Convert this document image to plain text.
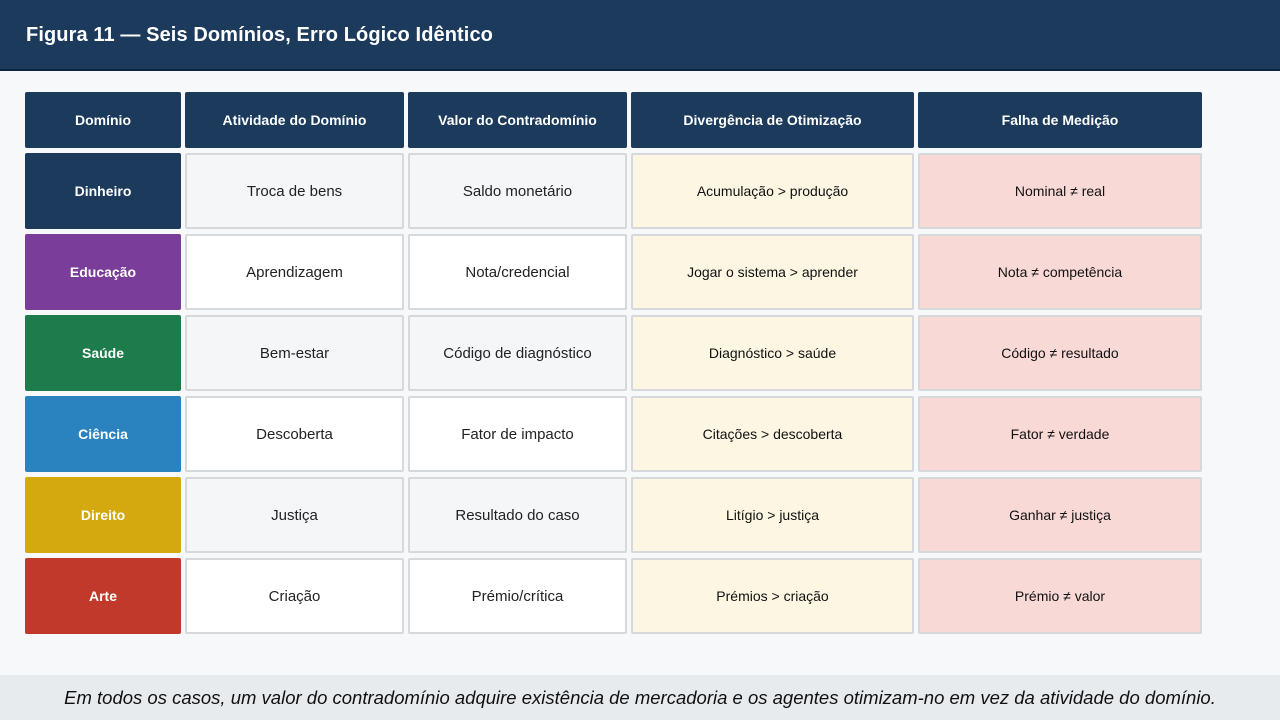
Figura 11 — Seis Domínios, Erro Lógico Idêntico
Domínio	Atividade do Domínio	Valor do Contradomínio	Divergência de Otimização	Falha de Medição
Dinheiro	Troca de bens	Saldo monetário	Acumulação > produção	Nominal ≠ real
Educação	Aprendizagem	Nota/credencial	Jogar o sistema > aprender	Nota ≠ competência
Saúde	Bem-estar	Código de diagnóstico	Diagnóstico > saúde	Código ≠ resultado
Ciência	Descoberta	Fator de impacto	Citações > descoberta	Fator ≠ verdade
Direito	Justiça	Resultado do caso	Litígio > justiça	Ganhar ≠ justiça
Arte	Criação	Prémio/crítica	Prémios > criação	Prémio ≠ valor
Em todos os casos, um valor do contradomínio adquire existência de mercadoria e os agentes otimizam-no em vez da atividade do domínio.
